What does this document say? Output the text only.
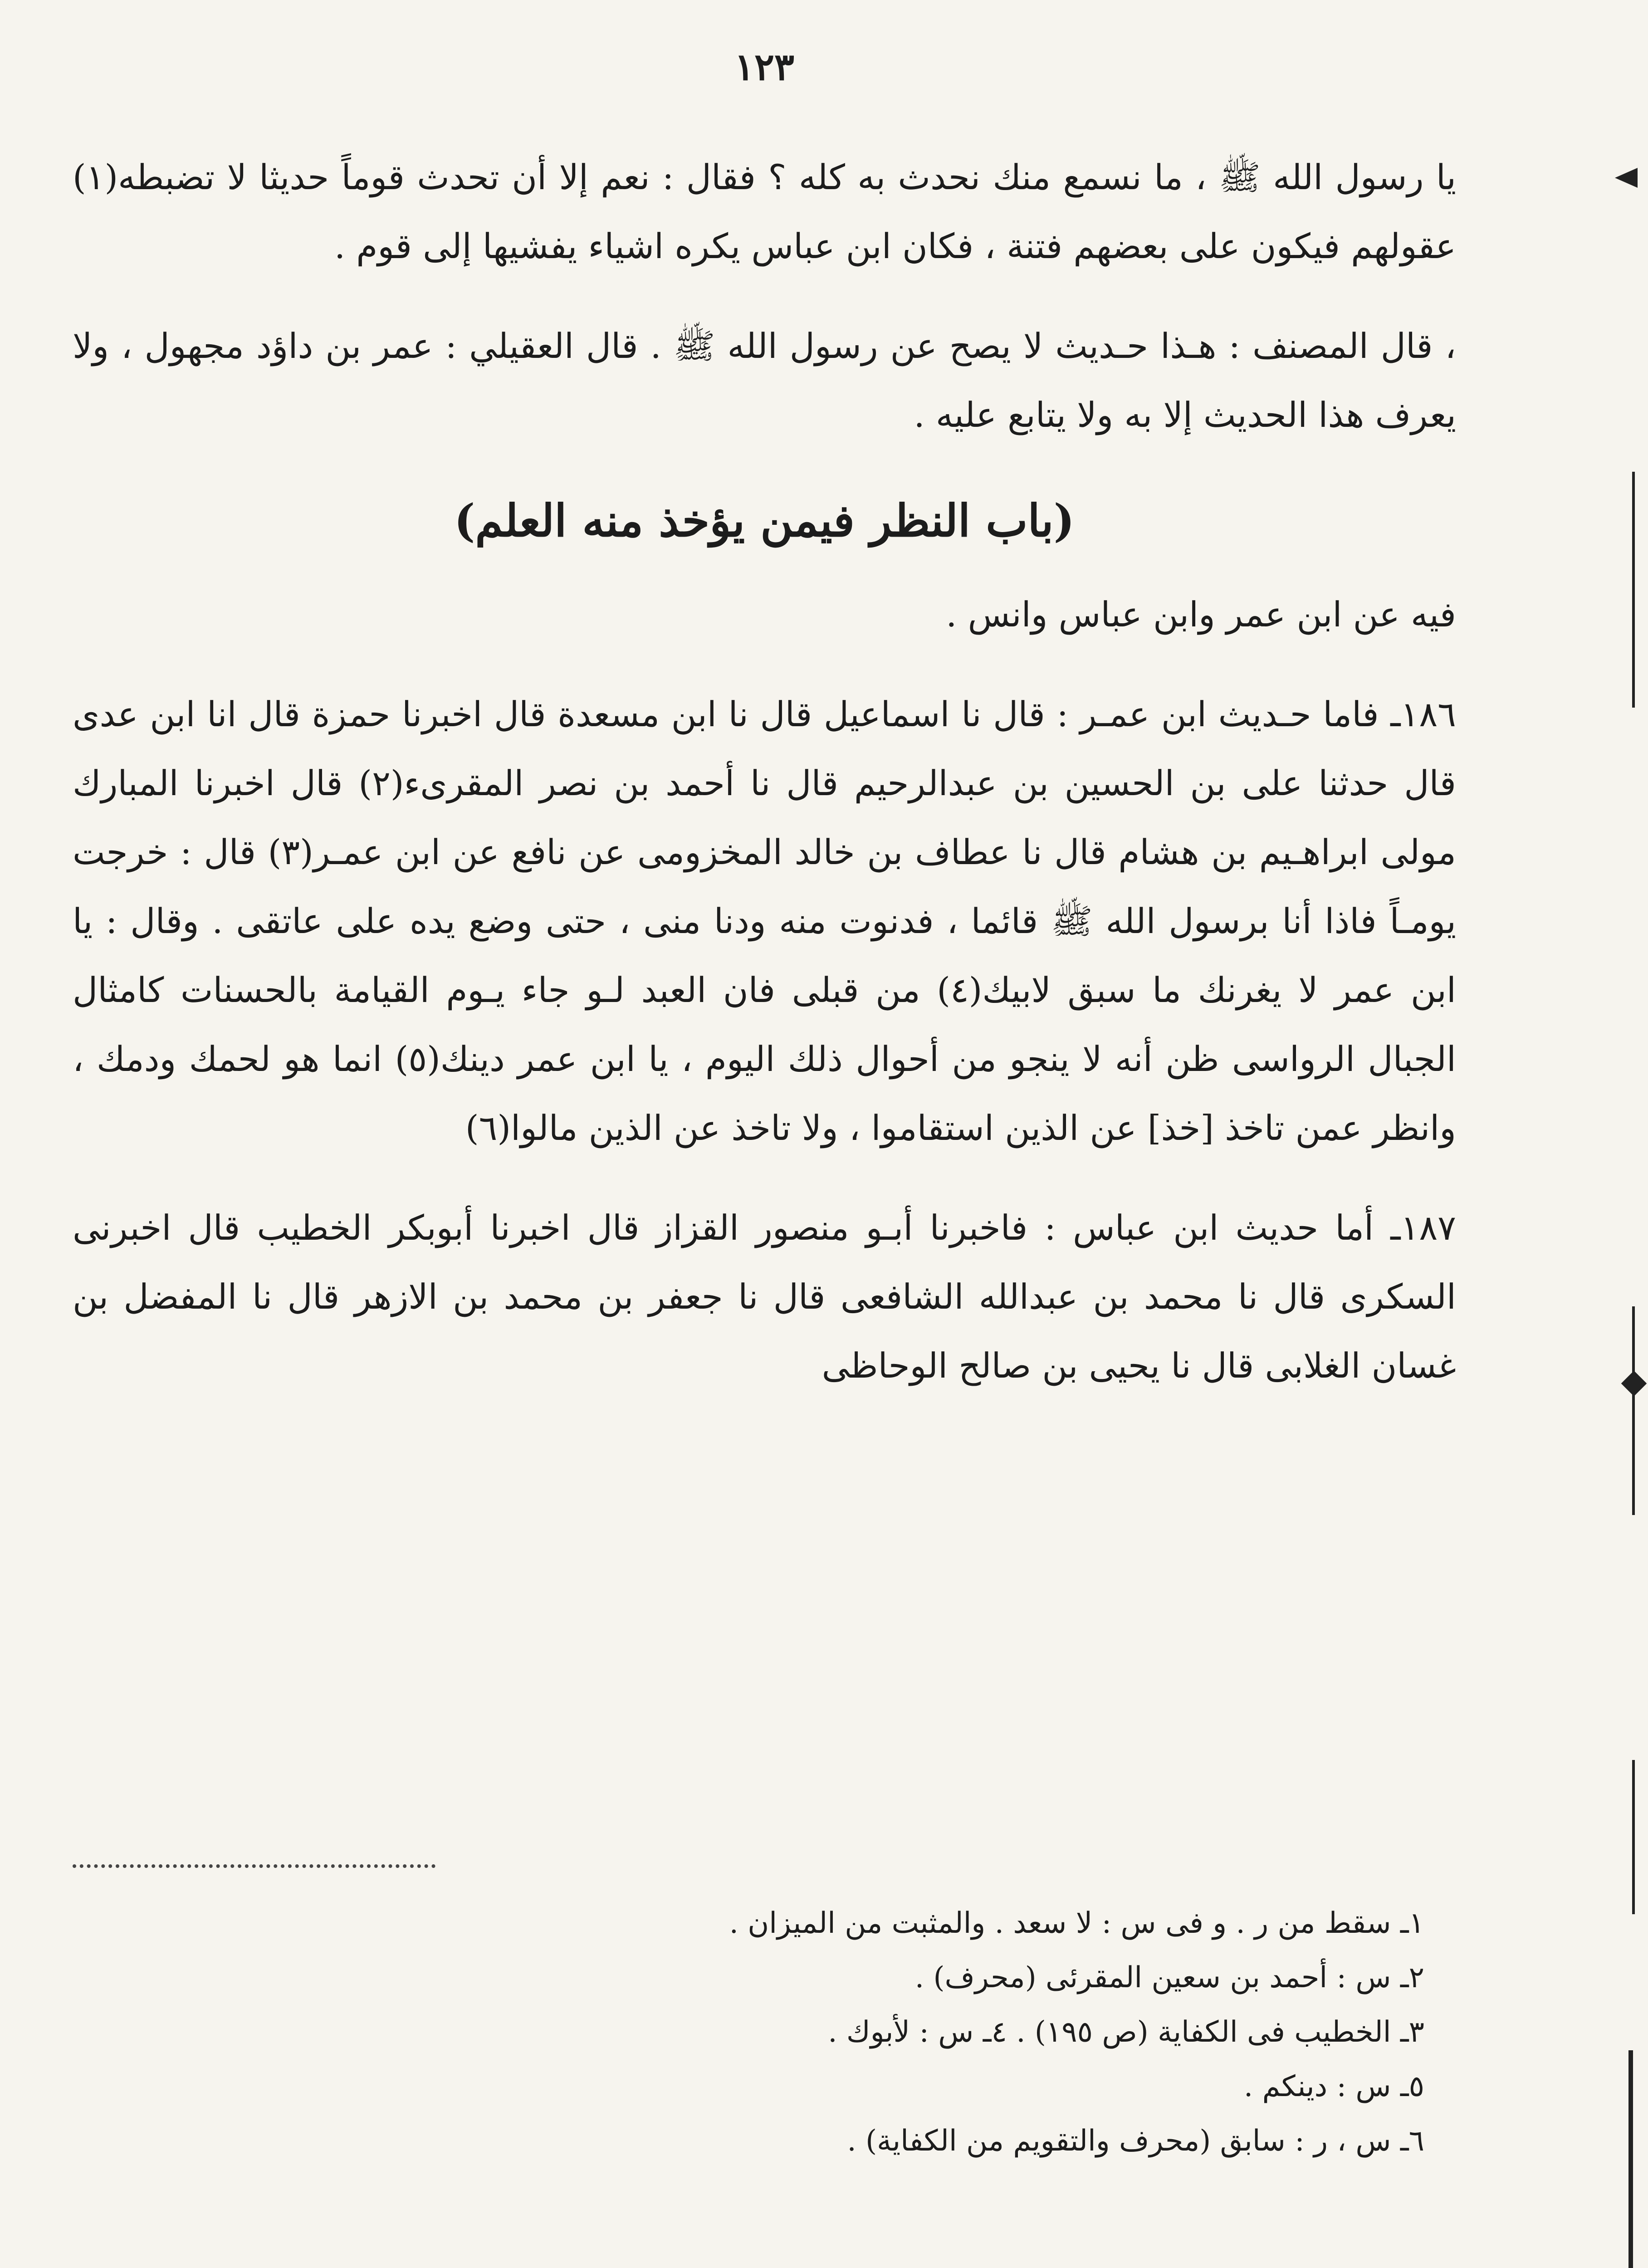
١٢٣

يا رسول الله ﷺ ، ما نسمع منك نحدث به كله ؟ فقال : نعم إلا أن تحدث قوماً حديثا لا تضبطه(١) عقولهم فيكون على بعضهم فتنة ، فكان ابن عباس يكره اشياء يفشيها إلى قوم .

، قال المصنف : هـذا حـديث لا يصح عن رسول الله ﷺ . قال العقيلي : عمر بن داؤد مجهول ، ولا يعرف هذا الحديث إلا به ولا يتابع عليه .

(باب النظر فيمن يؤخذ منه العلم)

فيه عن ابن عمر وابن عباس وانس .

١٨٦ـ فاما حـديث ابن عمـر : قال نا اسماعيل قال نا ابن مسعدة قال اخبرنا حمزة قال انا ابن عدى قال حدثنا على بن الحسين بن عبدالرحيم قال نا أحمد بن نصر المقرىء(٢) قال اخبرنا المبارك مولى ابراهـيم بن هشام قال نا عطاف بن خالد المخزومى عن نافع عن ابن عمـر(٣) قال : خرجت يومـاً فاذا أنا برسول الله ﷺ قائما ، فدنوت منه ودنا منى ، حتى وضع يده على عاتقى . وقال : يا ابن عمر لا يغرنك ما سبق لابيك(٤) من قبلى فان العبد لـو جاء يـوم القيامة بالحسنات كامثال الجبال الرواسى ظن أنه لا ينجو من أحوال ذلك اليوم ، يا ابن عمر دينك(٥) انما هو لحمك ودمك ، وانظر عمن تاخذ [خذ] عن الذين استقاموا ، ولا تاخذ عن الذين مالوا(٦)

١٨٧ـ أما حديث ابن عباس : فاخبرنا أبـو منصور القزاز قال اخبرنا أبوبكر الخطيب قال اخبرنى السكرى قال نا محمد بن عبدالله الشافعى قال نا جعفر بن محمد بن الازهر قال نا المفضل بن غسان الغلابى قال نا يحيى بن صالح الوحاظى

١ـ سقط من ر . و فى س : لا سعد . والمثبت من الميزان .
٢ـ س : أحمد بن سعين المقرئى (محرف) .
٣ـ الخطيب فى الكفاية (ص ١٩٥) . ٤ـ س : لأبوك .
٥ـ س : دينكم .
٦ـ س ، ر : سابق (محرف والتقويم من الكفاية) .
